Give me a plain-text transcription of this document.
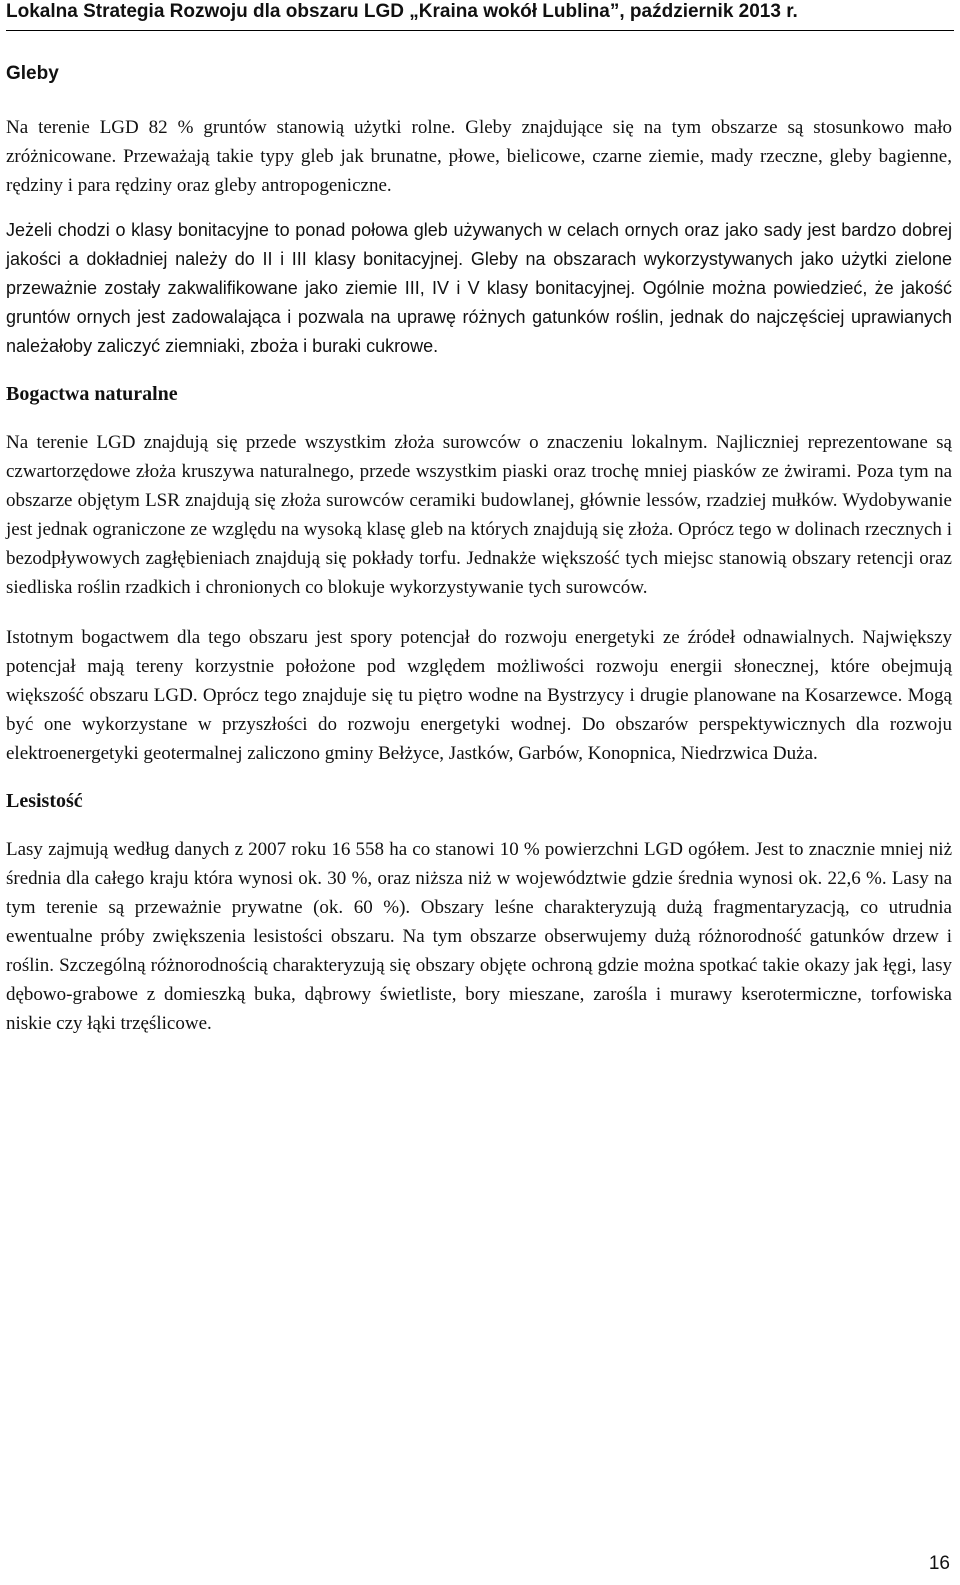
Lokalna Strategia Rozwoju dla obszaru LGD „Kraina wokół Lublina”, październik 2013 r.
Gleby

Na terenie LGD 82 % gruntów stanowią użytki rolne. Gleby znajdujące się na tym obszarze są stosunkowo mało zróżnicowane. Przeważają takie typy gleb jak brunatne, płowe, bielicowe, czarne ziemie, mady rzeczne, gleby bagienne, rędziny i para rędziny oraz gleby antropogeniczne.

Jeżeli chodzi o klasy bonitacyjne to ponad połowa gleb używanych w celach ornych oraz jako sady jest bardzo dobrej jakości a dokładniej należy do II i III klasy bonitacyjnej. Gleby na obszarach wykorzystywanych jako użytki zielone przeważnie zostały zakwalifikowane jako ziemie III, IV i V klasy bonitacyjnej. Ogólnie można powiedzieć, że jakość gruntów ornych jest zadowalająca i pozwala na uprawę różnych gatunków roślin, jednak do najczęściej uprawianych należałoby zaliczyć ziemniaki, zboża i buraki cukrowe.

Bogactwa naturalne

Na terenie LGD znajdują się przede wszystkim złoża surowców o znaczeniu lokalnym. Najliczniej reprezentowane są czwartorzędowe złoża kruszywa naturalnego, przede wszystkim piaski oraz trochę mniej piasków ze żwirami. Poza tym na obszarze objętym LSR znajdują się złoża surowców ceramiki budowlanej, głównie lessów, rzadziej mułków. Wydobywanie jest jednak ograniczone ze względu na wysoką klasę gleb na których znajdują się złoża. Oprócz tego w dolinach rzecznych i bezodpływowych zagłębieniach znajdują się pokłady torfu. Jednakże większość tych miejsc stanowią obszary retencji oraz siedliska roślin rzadkich i chronionych co blokuje wykorzystywanie tych surowców.

Istotnym bogactwem dla tego obszaru jest spory potencjał do rozwoju energetyki ze źródeł odnawialnych. Największy potencjał mają tereny korzystnie położone pod względem możliwości rozwoju energii słonecznej, które obejmują większość obszaru LGD. Oprócz tego znajduje się tu piętro wodne na Bystrzycy i drugie planowane na Kosarzewce. Mogą być one wykorzystane w przyszłości do rozwoju energetyki wodnej. Do obszarów perspektywicznych dla rozwoju elektroenergetyki geotermalnej zaliczono gminy Bełżyce, Jastków, Garbów, Konopnica, Niedrzwica Duża.

Lesistość

Lasy zajmują według danych z 2007 roku 16 558 ha co stanowi 10 % powierzchni LGD ogółem. Jest to znacznie mniej niż średnia dla całego kraju która wynosi ok. 30 %, oraz niższa niż w województwie gdzie średnia wynosi ok. 22,6 %. Lasy na tym terenie są przeważnie prywatne (ok. 60 %). Obszary leśne charakteryzują dużą fragmentaryzacją, co utrudnia ewentualne próby zwiększenia lesistości obszaru. Na tym obszarze obserwujemy dużą różnorodność gatunków drzew i roślin. Szczególną różnorodnością charakteryzują się obszary objęte ochroną gdzie można spotkać takie okazy jak łęgi, lasy dębowo-grabowe z domieszką buka, dąbrowy świetliste, bory mieszane, zarośla i murawy kserotermiczne, torfowiska niskie czy łąki trzęślicowe.

16
